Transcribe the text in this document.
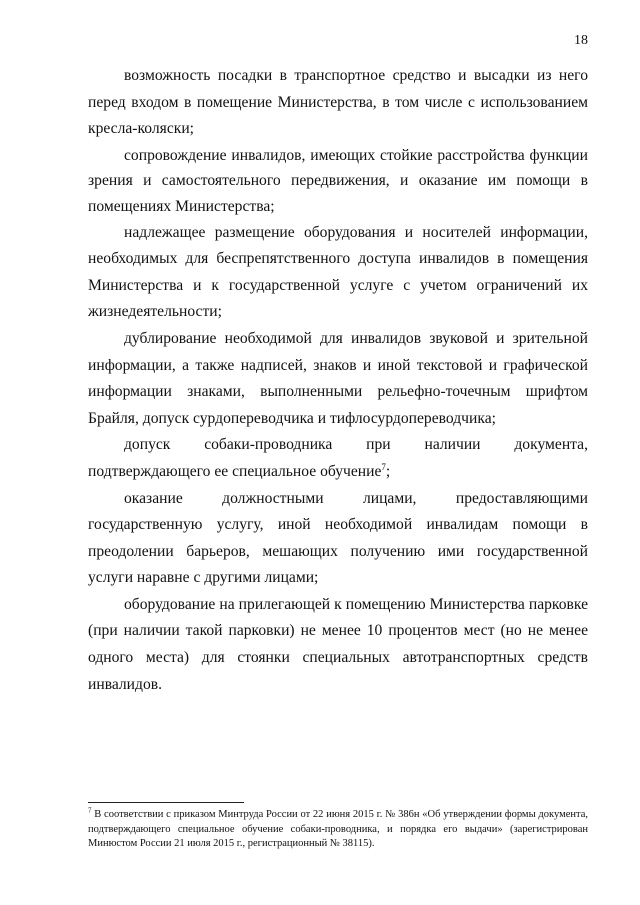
18

возможность посадки в транспортное средство и высадки из него перед входом в помещение Министерства, в том числе с использованием кресла-коляски;

сопровождение инвалидов, имеющих стойкие расстройства функции зрения и самостоятельного передвижения, и оказание им помощи в помещениях Министерства;

надлежащее размещение оборудования и носителей информации, необходимых для беспрепятственного доступа инвалидов в помещения Министерства и к государственной услуге с учетом ограничений их жизнедеятельности;

дублирование необходимой для инвалидов звуковой и зрительной информации, а также надписей, знаков и иной текстовой и графической информации знаками, выполненными рельефно-точечным шрифтом Брайля, допуск сурдопереводчика и тифлосурдопереводчика;

допуск собаки-проводника при наличии документа, подтверждающего ее специальное обучение$^7$;

оказание должностными лицами, предоставляющими государственную услугу, иной необходимой инвалидам помощи в преодолении барьеров, мешающих получению ими государственной услуги наравне с другими лицами;

оборудование на прилегающей к помещению Министерства парковке (при наличии такой парковки) не менее 10 процентов мест (но не менее одного места) для стоянки специальных автотранспортных средств инвалидов.

$^7$ В соответствии с приказом Минтруда России от 22 июня 2015 г. № 386н «Об утверждении формы документа, подтверждающего специальное обучение собаки-проводника, и порядка его выдачи» (зарегистрирован Минюстом России 21 июля 2015 г., регистрационный № 38115).
